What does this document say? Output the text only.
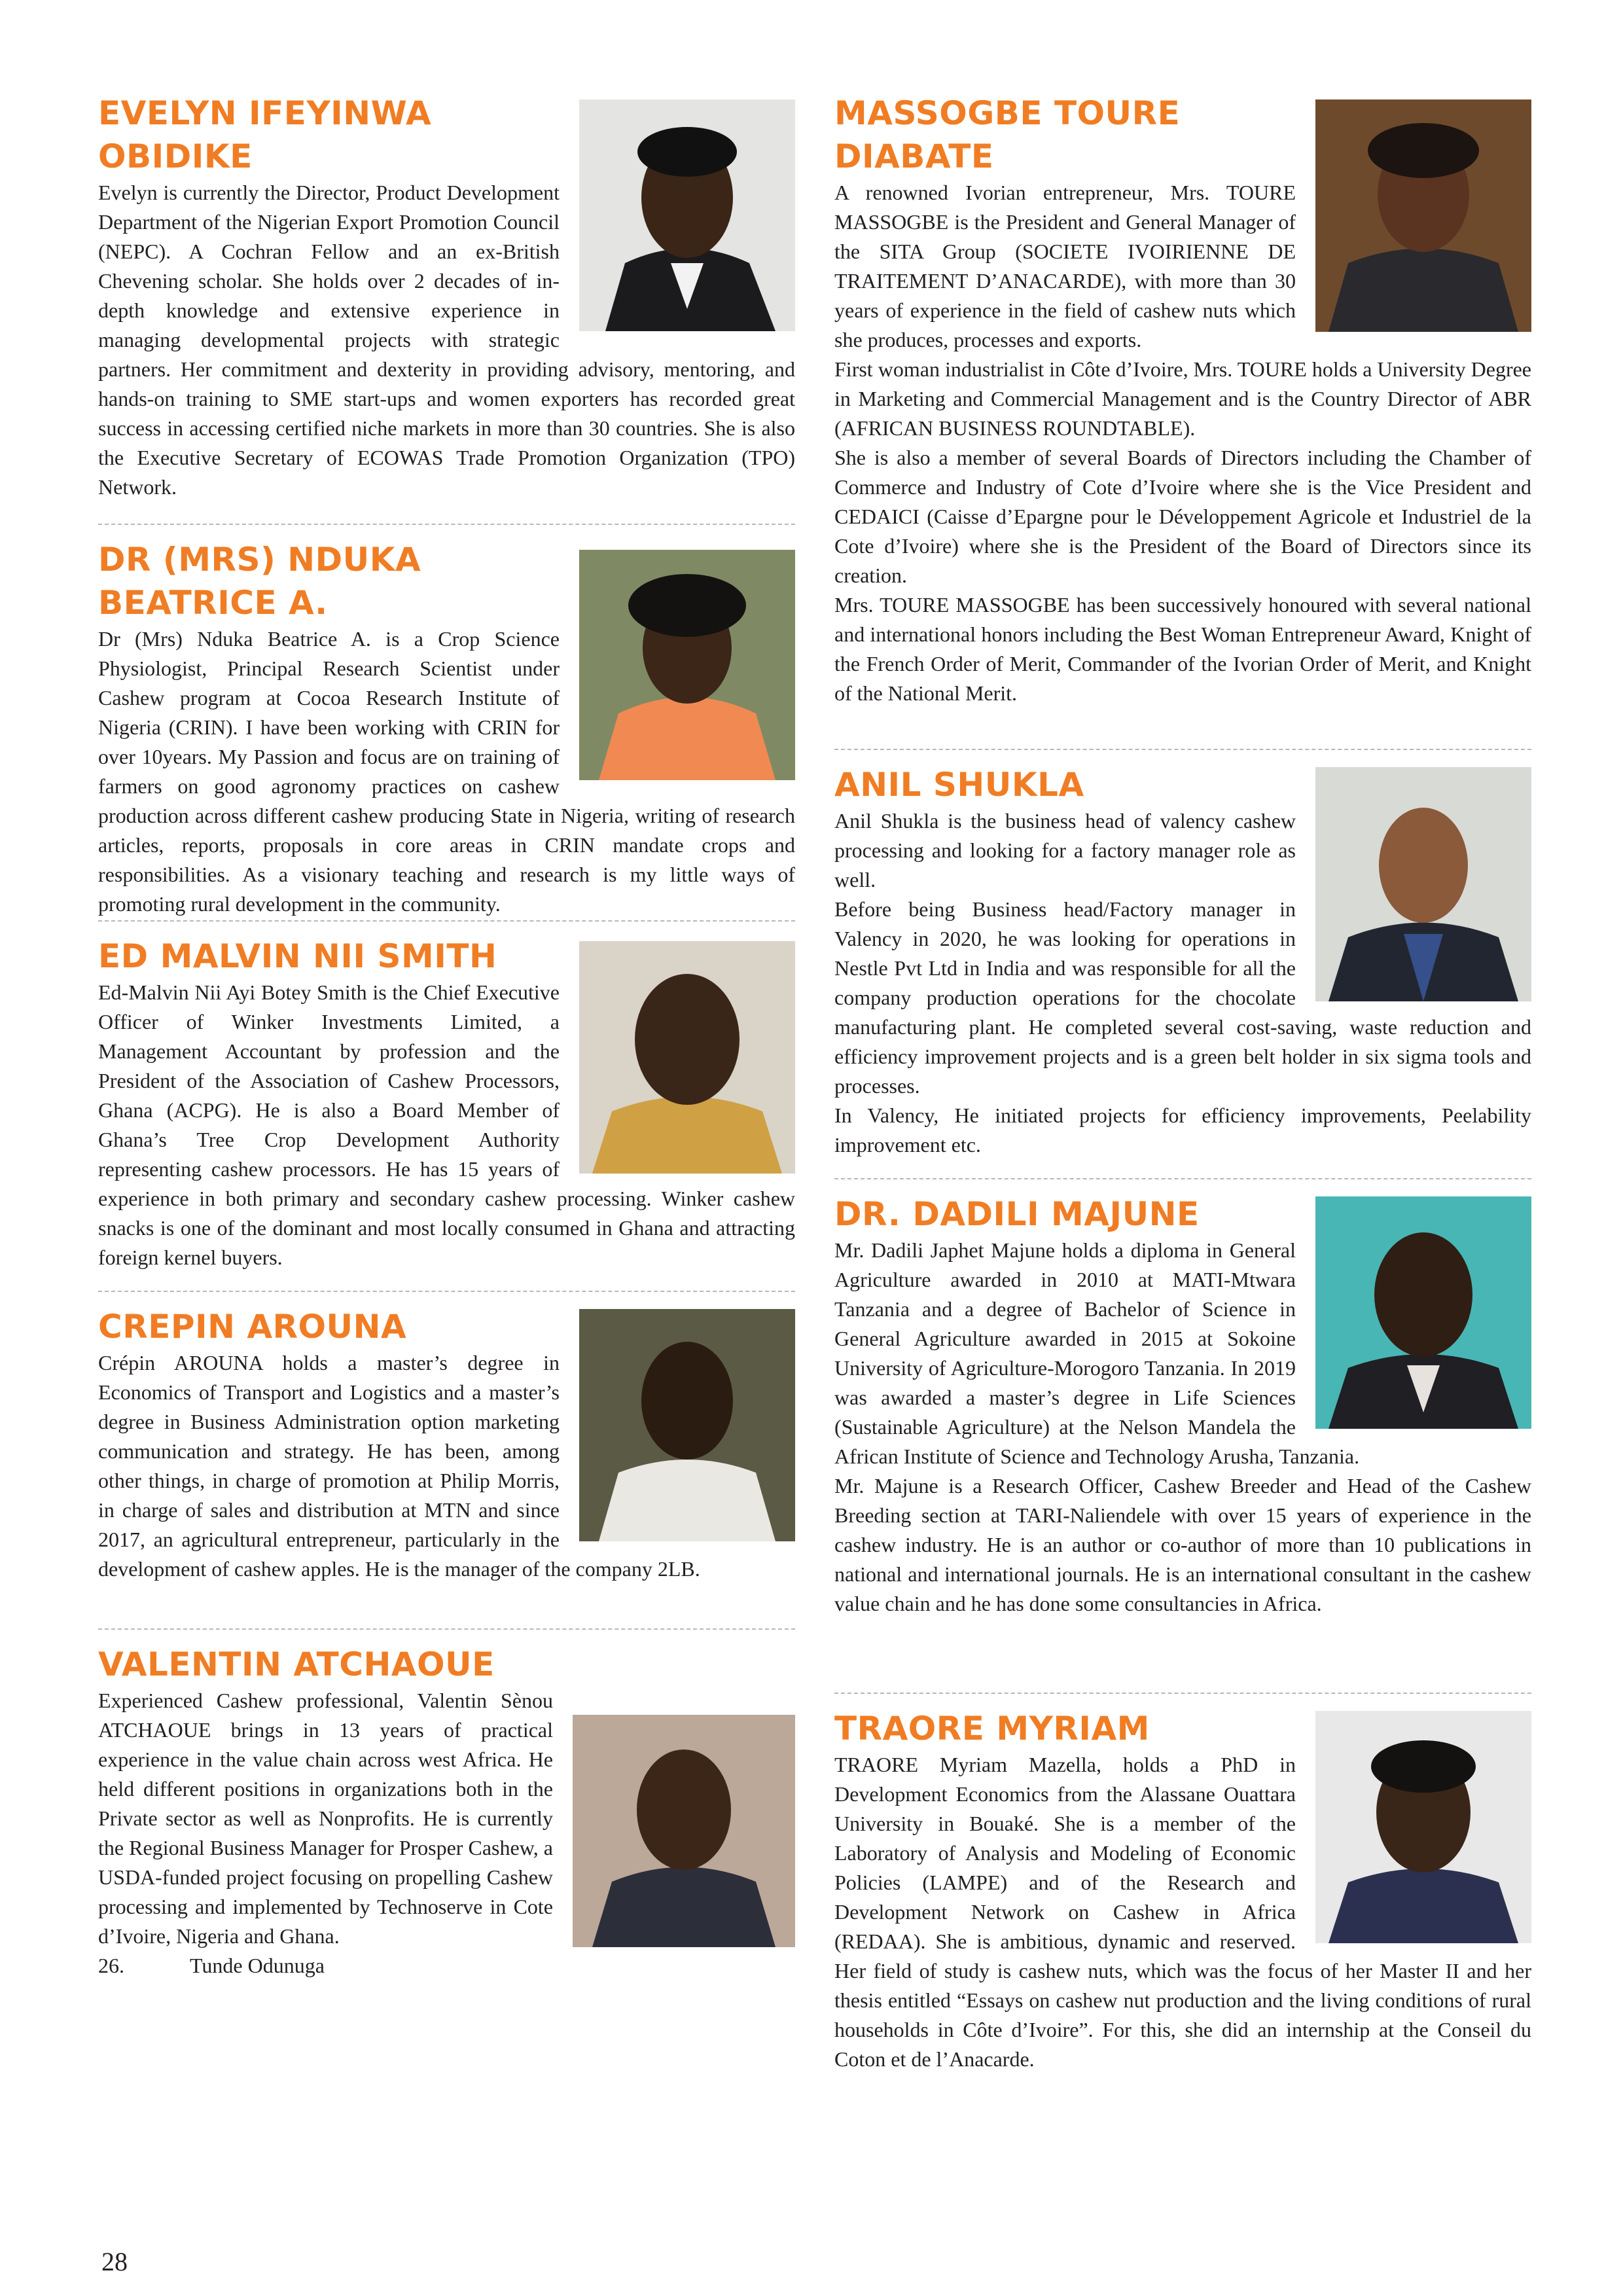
EVELYN IFEYINWA
OBIDIKE

Evelyn is currently the Director, Product Development Department of the Nigerian Export Promotion Council (NEPC). A Cochran Fellow and an ex-British Chevening scholar. She holds over 2 decades of in-depth knowledge and extensive experience in managing developmental projects with strategic partners. Her commitment and dexterity in providing advisory, mentoring, and hands-on training to SME start-ups and women exporters has recorded great success in accessing certified niche markets in more than 30 countries. She is also the Executive Secretary of ECOWAS Trade Promotion Organization (TPO) Network.

DR (MRS) NDUKA BEATRICE A.

Dr (Mrs) Nduka Beatrice A. is a Crop Science Physiologist, Principal Research Scientist under Cashew program at Cocoa Research Institute of Nigeria (CRIN). I have been working with CRIN for over 10years. My Passion and focus are on training of farmers on good agronomy practices on cashew production across different cashew producing State in Nigeria, writing of research articles, reports, proposals in core areas in CRIN mandate crops and responsibilities. As a visionary teaching and research is my little ways of promoting rural development in the community.

ED MALVIN NII SMITH

Ed-Malvin Nii Ayi Botey Smith is the Chief Executive Officer of Winker Investments Limited, a Management Accountant by profession and the President of the Association of Cashew Processors, Ghana (ACPG). He is also a Board Member of Ghana’s Tree Crop Development Authority representing cashew processors. He has 15 years of experience in both primary and secondary cashew processing. Winker cashew snacks is one of the dominant and most locally consumed in Ghana and attracting foreign kernel buyers.

CREPIN AROUNA

Crépin AROUNA holds a master’s degree in Economics of Transport and Logistics and a master’s degree in Business Administration option marketing communication and strategy. He has been, among other things, in charge of promotion at Philip Morris, in charge of sales and distribution at MTN and since 2017, an agricultural entrepreneur, particularly in the development of cashew apples. He is the manager of the company 2LB.

VALENTIN ATCHAOUE

Experienced Cashew professional, Valentin Sènou ATCHAOUE brings in 13 years of practical experience in the value chain across west Africa. He held different positions in organizations both in the Private sector as well as Nonprofits. He is currently the Regional Business Manager for Prosper Cashew, a USDA-funded project focusing on propelling Cashew processing and implemented by Technoserve in Cote d’Ivoire, Nigeria and Ghana.

26.	Tunde Odunuga

MASSOGBE TOURE
DIABATE

A renowned Ivorian entrepreneur, Mrs. TOURE MASSOGBE is the President and General Manager of the SITA Group (SOCIETE IVOIRIENNE DE TRAITEMENT D’ANACARDE), with more than 30 years of experience in the field of cashew nuts which she produces, processes and exports.

First woman industrialist in Côte d’Ivoire, Mrs. TOURE holds a University Degree in Marketing and Commercial Management and is the Country Director of ABR (AFRICAN BUSINESS ROUNDTABLE).

She is also a member of several Boards of Directors including the Chamber of Commerce and Industry of Cote d’Ivoire where she is the Vice President and CEDAICI (Caisse d’Epargne pour le Développement Agricole et Industriel de la Cote d’Ivoire) where she is the President of the Board of Directors since its creation.

Mrs. TOURE MASSOGBE has been successively honoured with several national and international honors including the Best Woman Entrepreneur Award, Knight of the French Order of Merit, Commander of the Ivorian Order of Merit, and Knight of the National Merit.

ANIL SHUKLA

Anil Shukla is the business head of valency cashew processing and looking for a factory manager role as well.

Before being Business head/Factory manager in Valency in 2020, he was looking for operations in Nestle Pvt Ltd in India and was responsible for all the company production operations for the chocolate manufacturing plant. He completed several cost-saving, waste reduction and efficiency improvement projects and is a green belt holder in six sigma tools and processes.

In Valency, He initiated projects for efficiency improvements, Peelability improvement etc.

DR. DADILI MAJUNE

Mr. Dadili Japhet Majune holds a diploma in General Agriculture awarded in 2010 at MATI-Mtwara Tanzania and a degree of Bachelor of Science in General Agriculture awarded in 2015 at Sokoine University of Agriculture-Morogoro Tanzania. In 2019 was awarded a master’s degree in Life Sciences (Sustainable Agriculture) at the Nelson Mandela the African Institute of Science and Technology Arusha, Tanzania.

Mr. Majune is a Research Officer, Cashew Breeder and Head of the Cashew Breeding section at TARI-Naliendele with over 15 years of experience in the cashew industry. He is an author or co-author of more than 10 publications in national and international journals. He is an international consultant in the cashew value chain and he has done some consultancies in Africa.

TRAORE MYRIAM

TRAORE Myriam Mazella, holds a PhD in Development Economics from the Alassane Ouattara University in Bouaké. She is a member of the Laboratory of Analysis and Modeling of Economic Policies (LAMPE) and of the Research and Development Network on Cashew in Africa (REDAA). She is ambitious, dynamic and reserved. Her field of study is cashew nuts, which was the focus of her Master II and her thesis entitled “Essays on cashew nut production and the living conditions of rural households in Côte d’Ivoire”. For this, she did an internship at the Conseil du Coton et de l’Anacarde.

28
